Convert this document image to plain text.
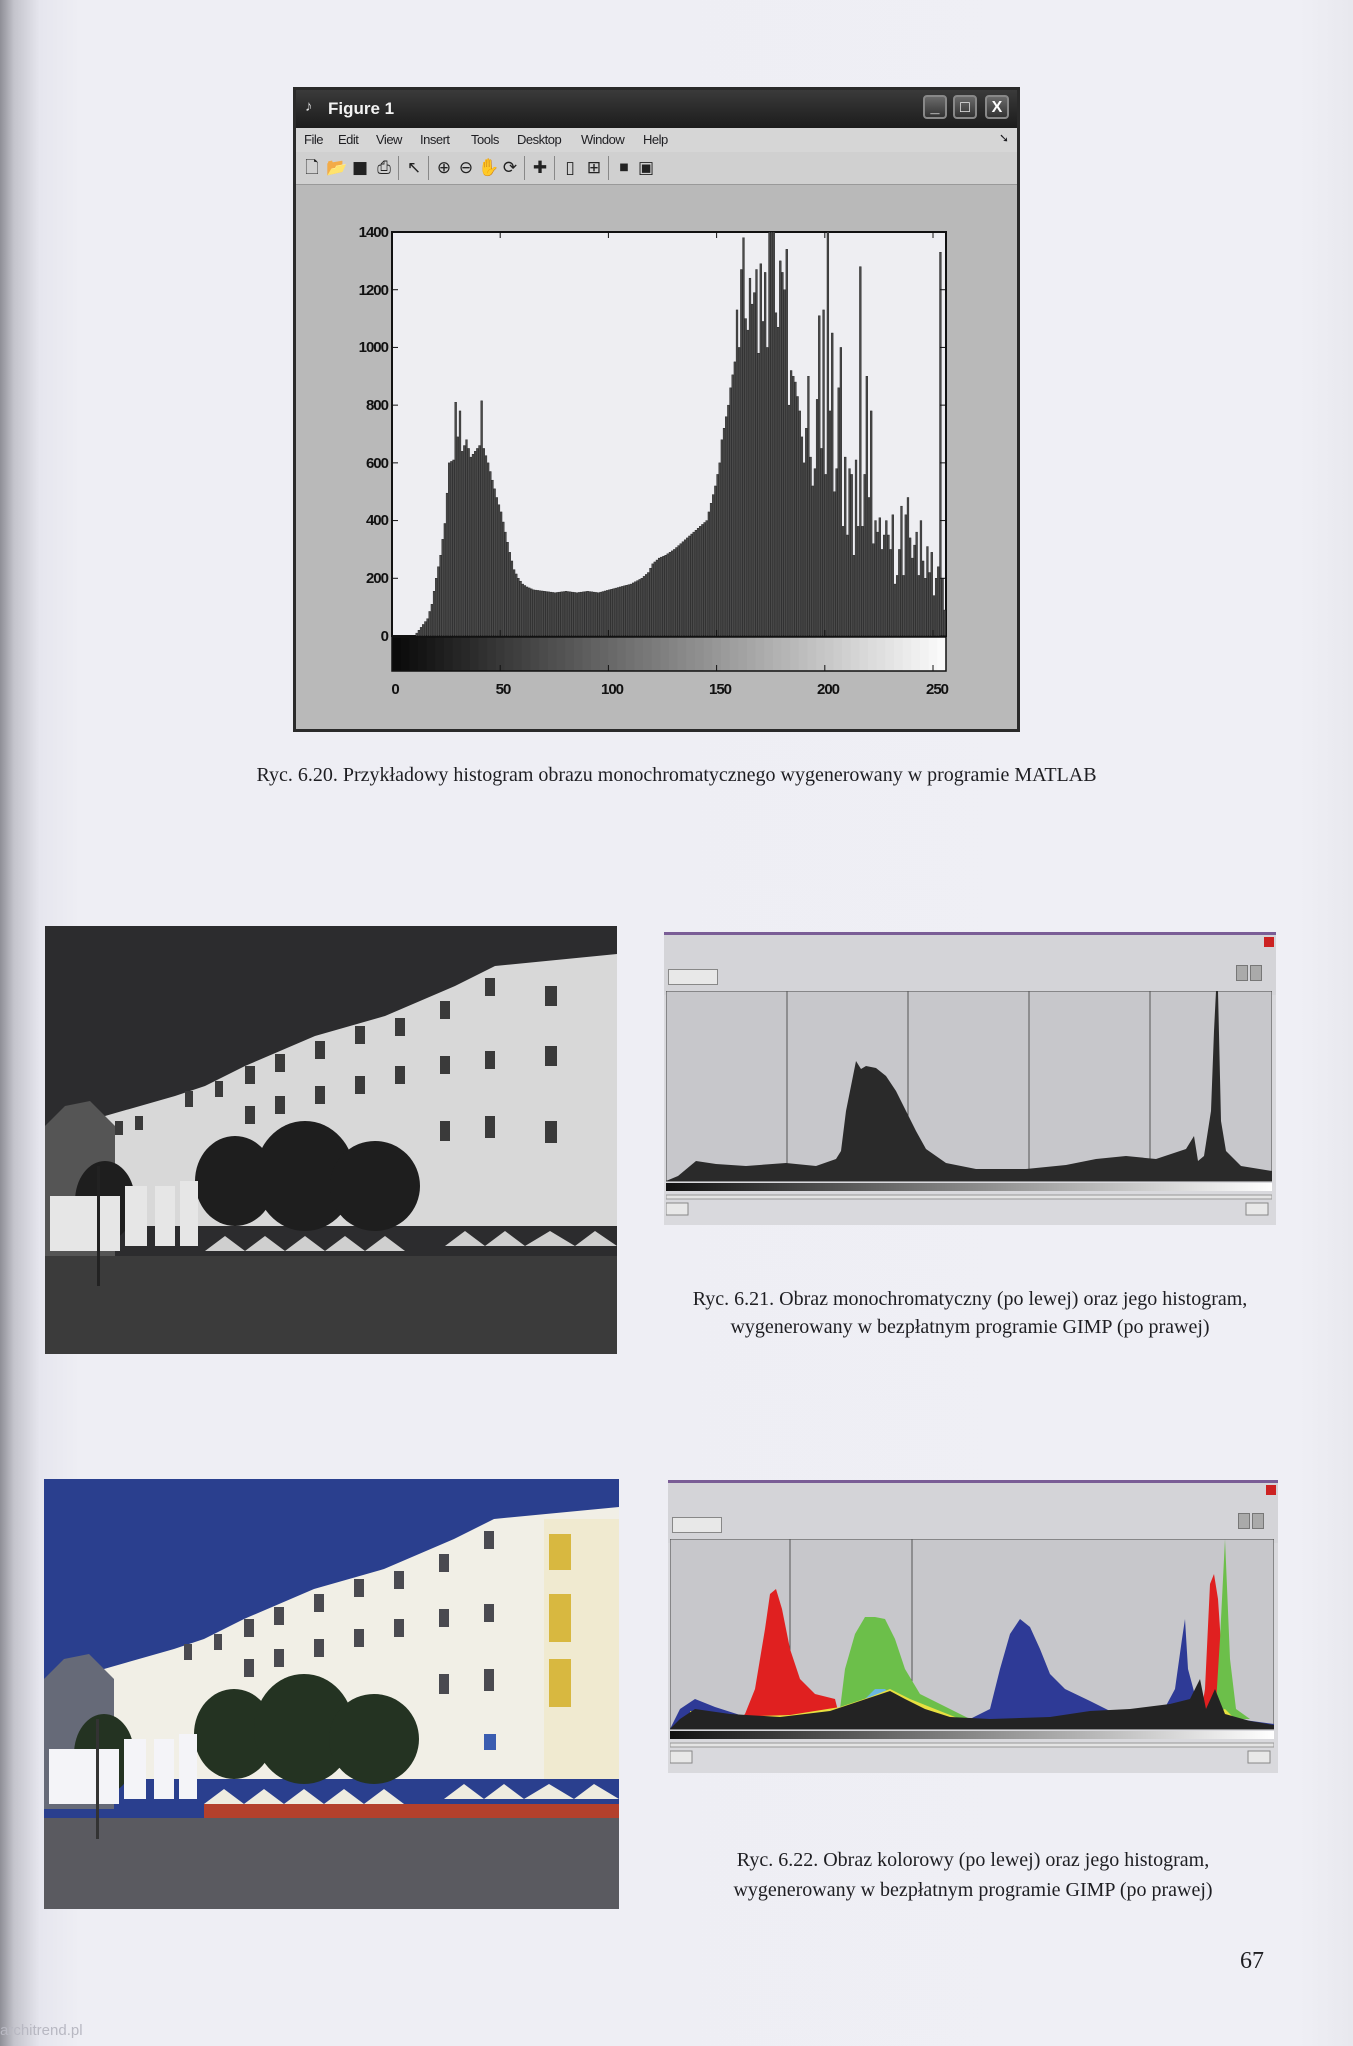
♪ Figure 1	_	□	X
File Edit View Insert Tools Desktop Window Help	➘
🗋 📂 ■ ⎙ ↖ ⊕ ⊖ ✋ ⟳ ✚	▯ ⊞	■ ▣
0
200
400
600
800
1000
1200
1400
0	50	100	150	200	250
Ryc. 6.20. Przykładowy histogram obrazu monochromatycznego wygenerowany w programie MATLAB
Ryc. 6.21. Obraz monochromatyczny (po lewej) oraz jego histogram,
wygenerowany w bezpłatnym programie GIMP (po prawej)
Ryc. 6.22. Obraz kolorowy (po lewej) oraz jego histogram,
wygenerowany w bezpłatnym programie GIMP (po prawej)
67
architrend.pl
